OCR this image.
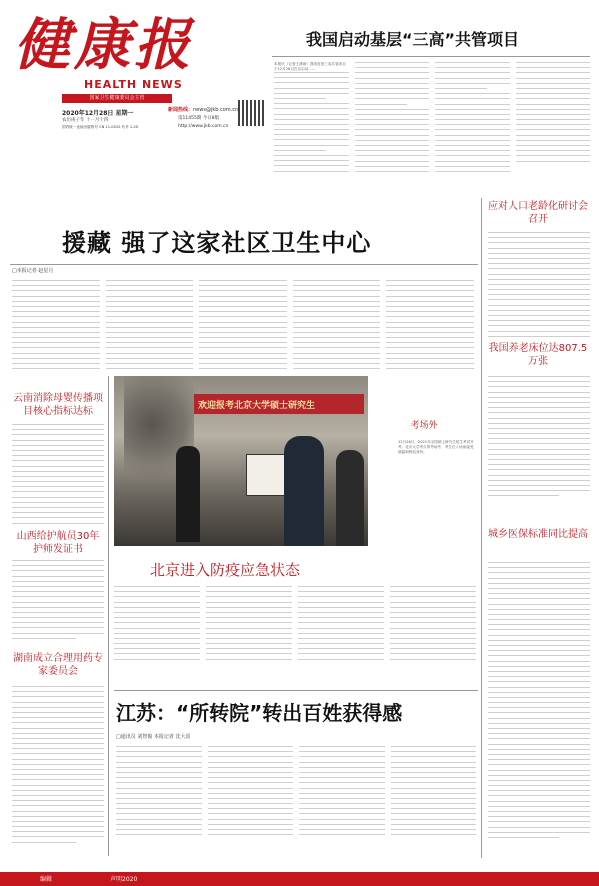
健康报
HEALTH NEWS
国家卫生健康委员会主管
2020年12月28日 星期一
农历庚子年 十一月十四
国内统一连续出版物号 CN 11-0010 代号 1-20
新闻热线：news@jkb.com.cn
第11455期 今日8版
http://www.jkb.com.cn
我国启动基层“三高”共管项目
本报讯（记者王潇雨）我国首批三高共管项目于12月26日在京启动……
应对人口老龄化研讨会召开
我国养老床位达807.5万张
城乡医保标准同比提高
援藏 强了这家社区卫生中心
□本报记者 赵星月
云南消除母婴传播项目核心指标达标
山西给护航员30年护师发证书
湖南成立合理用药专家委员会
欢迎报考北京大学硕士研究生
考场外
12月26日，2021年全国硕士研究生招生考试开考。北京大学考点的考场外，考生在入场前接受测温和核验身份。
北京进入防疫应急状态
江苏：“所转院”转出百姓获得感
□通讯员 刘智俊 本报记者 沈大雷
编辑	声明2020
